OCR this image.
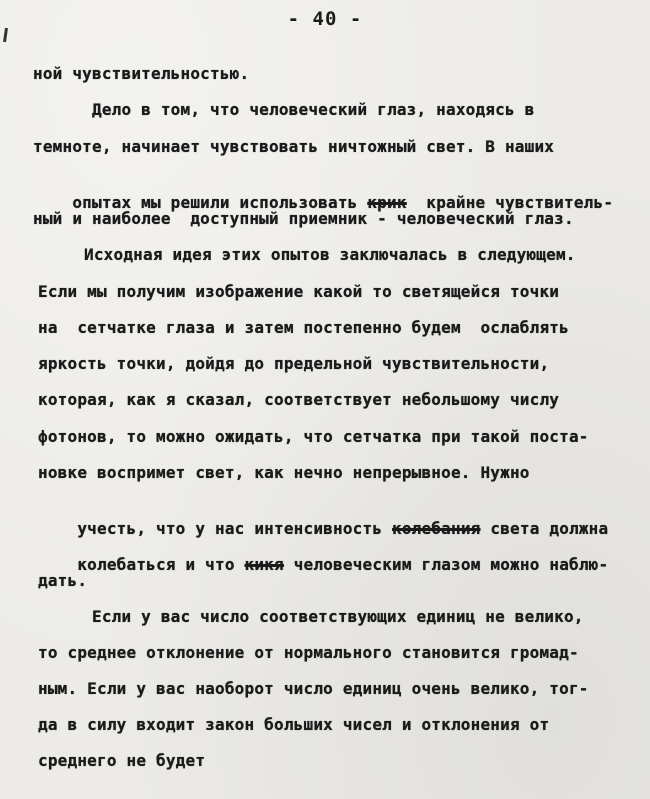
- 40 -
ной чувствительностью.
Дело в том, что человеческий глаз, находясь в
темноте, начинает чувствовать ничтожный свет. В наших

опытах мы решили использовать крик крайне чувствитель-

ный и наиболее  доступный приемник - человеческий глаз.
Исходная идея этих опытов заключалась в следующем.
Если мы получим изображение какой то светящейся точки
на  сетчатке глаза и затем постепенно будем  ослаблять
яркость точки, дойдя до предельной чувствительности,
которая, как я сказал, соответствует небольшому числу
фотонов, то можно ожидать, что сетчатка при такой поста-
новке воспримет свет, как нечно непрерывное. Нужно

учесть, что у нас интенсивность колебания света должна

колебаться и что кикя человеческим глазом можно наблю-

дать.
Если у вас число соответствующих единиц не велико,
то среднее отклонение от нормального становится громад-
ным. Если у вас наоборот число единиц очень велико, тог-
да в силу входит закон больших чисел и отклонения от
среднего не будет
